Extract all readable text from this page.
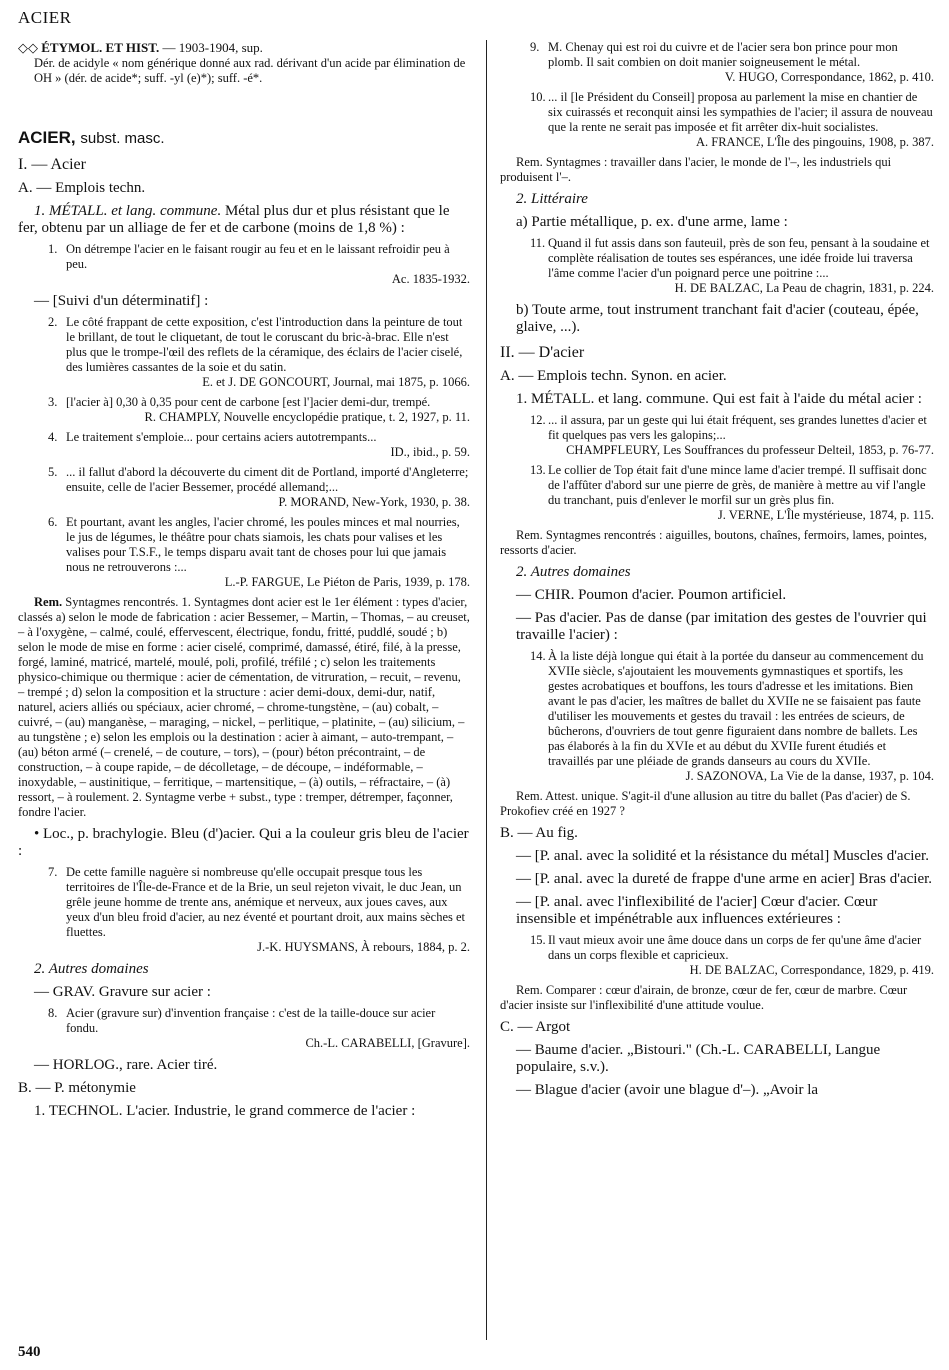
ACIER

◇◇ ÉTYMOL. ET HIST. — 1903-1904, sup.

Dér. de acidyle « nom générique donné aux rad. dérivant d'un acide par élimination de OH » (dér. de acide*; suff. -yl (e)*); suff. -é*.

ACIER, subst. masc.

I. — Acier

A. — Emplois techn.

1. MÉTALL. et lang. commune. Métal plus dur et plus résistant que le fer, obtenu par un alliage de fer et de carbone (moins de 1,8 %) :

1. On détrempe l'acier en le faisant rougir au feu et en le laissant refroidir peu à peu.
Ac. 1835-1932.

— [Suivi d'un déterminatif] :

2. Le côté frappant de cette exposition, c'est l'introduction dans la peinture de tout le brillant, de tout le cliquetant, de tout le coruscant du bric-à-brac. Elle n'est plus que le trompe-l'œil des reflets de la céramique, des éclairs de l'acier ciselé, des lumières cassantes de la soie et du satin.
E. et J. DE GONCOURT, Journal, mai 1875, p. 1066.
3. [l'acier à] 0,30 à 0,35 pour cent de carbone [est l']acier demi-dur, trempé.
R. CHAMPLY, Nouvelle encyclopédie pratique, t. 2, 1927, p. 11.
4. Le traitement s'emploie... pour certains aciers autotrempants...
ID., ibid., p. 59.
5. ... il fallut d'abord la découverte du ciment dit de Portland, importé d'Angleterre; ensuite, celle de l'acier Bessemer, procédé allemand;...
P. MORAND, New-York, 1930, p. 38.
6. Et pourtant, avant les angles, l'acier chromé, les poules minces et mal nourries, le jus de légumes, le théâtre pour chats siamois, les chats pour valises et les valises pour T.S.F., le temps disparu avait tant de choses pour lui que jamais nous ne retrouverons :...
L.-P. FARGUE, Le Piéton de Paris, 1939, p. 178.

Rem. Syntagmes rencontrés. 1. Syntagmes dont acier est le 1er élément : types d'acier, classés a) selon le mode de fabrication : acier Bessemer, – Martin, – Thomas, – au creuset, – à l'oxygène, – calmé, coulé, effervescent, électrique, fondu, fritté, puddlé, soudé ; b) selon le mode de mise en forme : acier ciselé, comprimé, damassé, étiré, filé, à la presse, forgé, laminé, matricé, martelé, moulé, poli, profilé, tréfilé ; c) selon les traitements physico-chimique ou thermique : acier de cémentation, de vitruration, – recuit, – revenu, – trempé ; d) selon la composition et la structure : acier demi-doux, demi-dur, natif, naturel, aciers alliés ou spéciaux, acier chromé, – chrome-tungstène, – (au) cobalt, – cuivré, – (au) manganèse, – maraging, – nickel, – perlitique, – platinite, – (au) silicium, – au tungstène ; e) selon les emplois ou la destination : acier à aimant, – auto-trempant, – (au) béton armé (– crenelé, – de couture, – tors), – (pour) béton précontraint, – de construction, – à coupe rapide, – de décolletage, – de découpe, – indéformable, – inoxydable, – austinitique, – ferritique, – martensitique, – (à) outils, – réfractaire, – (à) ressort, – à roulement. 2. Syntagme verbe + subst., type : tremper, détremper, façonner, fondre l'acier.

• Loc., p. brachylogie. Bleu (d')acier. Qui a la couleur gris bleu de l'acier :

7. De cette famille naguère si nombreuse qu'elle occupait presque tous les territoires de l'Île-de-France et de la Brie, un seul rejeton vivait, le duc Jean, un grêle jeune homme de trente ans, anémique et nerveux, aux joues caves, aux yeux d'un bleu froid d'acier, au nez éventé et pourtant droit, aux mains sèches et fluettes.
J.-K. HUYSMANS, À rebours, 1884, p. 2.

2. Autres domaines

— GRAV. Gravure sur acier :

8. Acier (gravure sur) d'invention française : c'est de la taille-douce sur acier fondu.
Ch.-L. CARABELLI, [Gravure].

— HORLOG., rare. Acier tiré.

B. — P. métonymie

1. TECHNOL. L'acier. Industrie, le grand commerce de l'acier :

9. M. Chenay qui est roi du cuivre et de l'acier sera bon prince pour mon plomb. Il sait combien on doit manier soigneusement le métal.
V. HUGO, Correspondance, 1862, p. 410.
10. ... il [le Président du Conseil] proposa au parlement la mise en chantier de six cuirassés et reconquit ainsi les sympathies de l'acier; il assura de nouveau que la rente ne serait pas imposée et fit arrêter dix-huit socialistes.
A. FRANCE, L'Île des pingouins, 1908, p. 387.

Rem. Syntagmes : travailler dans l'acier, le monde de l'–, les industriels qui produisent l'–.

2. Littéraire

a) Partie métallique, p. ex. d'une arme, lame :

11. Quand il fut assis dans son fauteuil, près de son feu, pensant à la soudaine et complète réalisation de toutes ses espérances, une idée froide lui traversa l'âme comme l'acier d'un poignard perce une poitrine :...
H. DE BALZAC, La Peau de chagrin, 1831, p. 224.

b) Toute arme, tout instrument tranchant fait d'acier (couteau, épée, glaive, ...).

II. — D'acier

A. — Emplois techn. Synon. en acier.

1. MÉTALL. et lang. commune. Qui est fait à l'aide du métal acier :

12. ... il assura, par un geste qui lui était fréquent, ses grandes lunettes d'acier et fit quelques pas vers les galopins;...
CHAMPFLEURY, Les Souffrances du professeur Delteil, 1853, p. 76-77.
13. Le collier de Top était fait d'une mince lame d'acier trempé. Il suffisait donc de l'affûter d'abord sur une pierre de grès, de manière à mettre au vif l'angle du tranchant, puis d'enlever le morfil sur un grès plus fin.
J. VERNE, L'Île mystérieuse, 1874, p. 115.

Rem. Syntagmes rencontrés : aiguilles, boutons, chaînes, fermoirs, lames, pointes, ressorts d'acier.

2. Autres domaines

— CHIR. Poumon d'acier. Poumon artificiel.

— Pas d'acier. Pas de danse (par imitation des gestes de l'ouvrier qui travaille l'acier) :

14. À la liste déjà longue qui était à la portée du danseur au commencement du XVIIe siècle, s'ajoutaient les mouvements gymnastiques et sportifs, les gestes acrobatiques et bouffons, les tours d'adresse et les imitations. Bien avant le pas d'acier, les maîtres de ballet du XVIIe ne se faisaient pas faute d'utiliser les mouvements et gestes du travail : les entrées de scieurs, de bûcherons, d'ouvriers de tout genre figuraient dans nombre de ballets. Les pas élaborés à la fin du XVIe et au début du XVIIe furent étudiés et travaillés par une pléiade de grands danseurs au cours du XVIIe.
J. SAZONOVA, La Vie de la danse, 1937, p. 104.

Rem. Attest. unique. S'agit-il d'une allusion au titre du ballet (Pas d'acier) de S. Prokofiev créé en 1927 ?

B. — Au fig.

— [P. anal. avec la solidité et la résistance du métal] Muscles d'acier.

— [P. anal. avec la dureté de frappe d'une arme en acier] Bras d'acier.

— [P. anal. avec l'inflexibilité de l'acier] Cœur d'acier. Cœur insensible et impénétrable aux influences extérieures :

15. Il vaut mieux avoir une âme douce dans un corps de fer qu'une âme d'acier dans un corps flexible et capricieux.
H. DE BALZAC, Correspondance, 1829, p. 419.

Rem. Comparer : cœur d'airain, de bronze, cœur de fer, cœur de marbre. Cœur d'acier insiste sur l'inflexibilité d'une attitude voulue.

C. — Argot

— Baume d'acier. „Bistouri." (Ch.-L. CARABELLI, Langue populaire, s.v.).

— Blague d'acier (avoir une blague d'–). „Avoir la

540
